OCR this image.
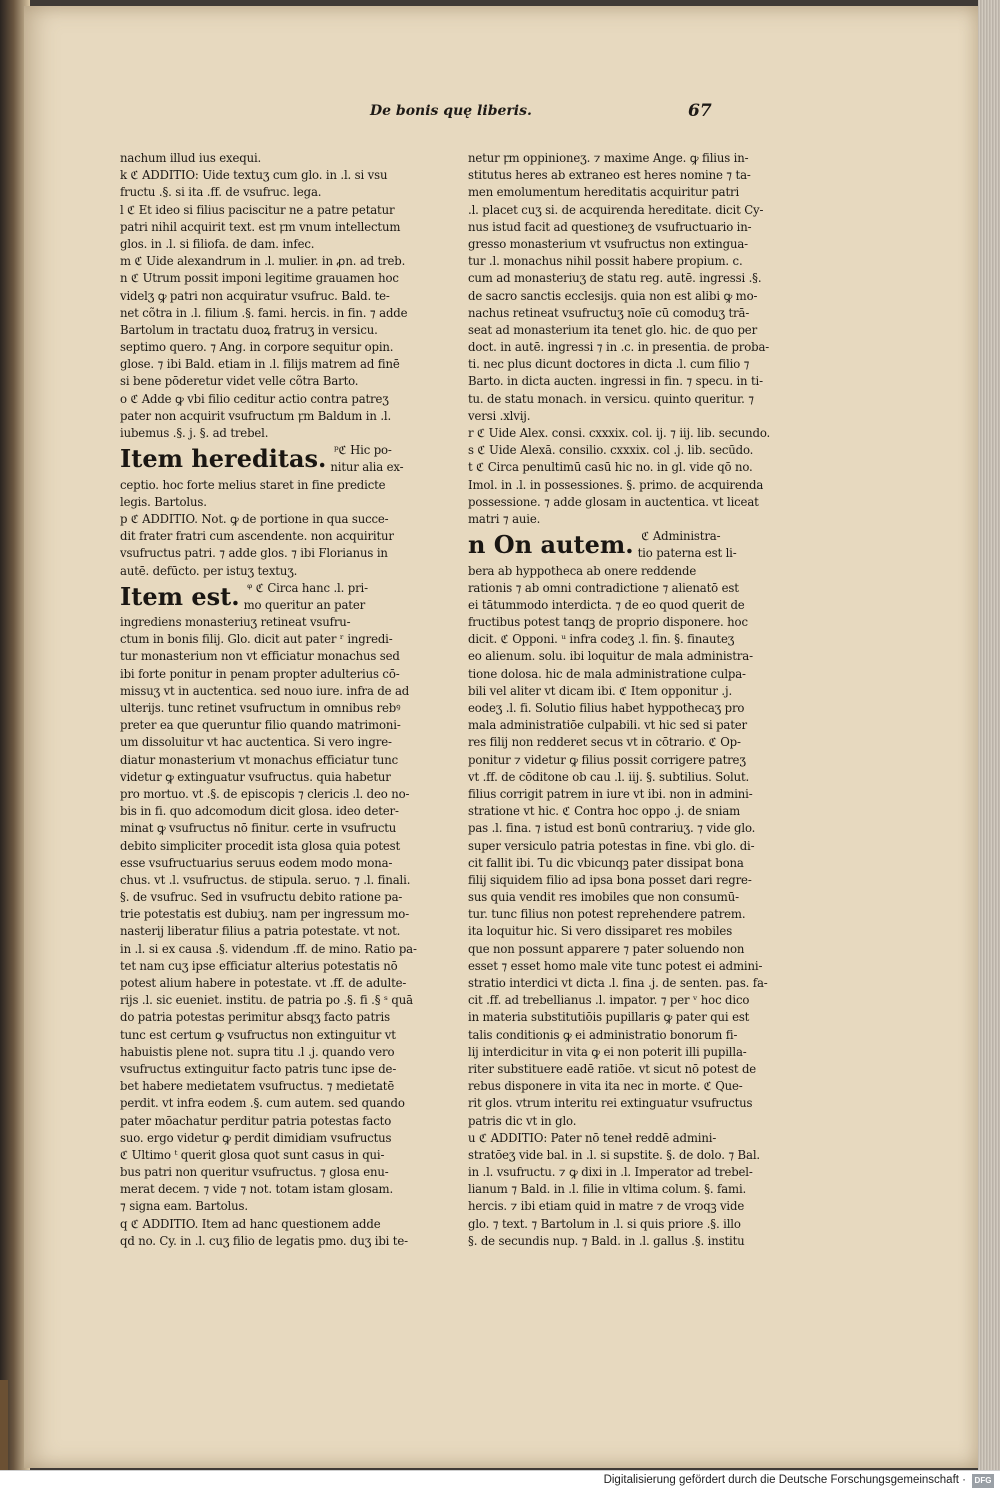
De bonis quę liberis.	67
nachum illud ius exequi.
k ℭ ADDITIO: Uide textuʒ cum glo. in .l. si vsu
fructu .§. si ita .ff. de vsufruc. lega.
l ℭ Et ideo si filius paciscitur ne a patre petatur
patri nihil acquirit text. est ꝼm vnum intellectum
glos. in .l. si filiofa. de dam. infec.
m ℭ Uide alexandrum in .l. mulier. in ꝓn. ad treb.
n ℭ Utrum possit imponi legitime grauamen hoc
videlʒ ꝙ patri non acquiratur vsufruc. Bald. te-
net cõtra in .l. filium .§. fami. hercis. in fin. ⁊ adde
Bartolum in tractatu duoꝝ fratruʒ in versicu.
septimo quero. ⁊ Ang. in corpore sequitur opin.
glose. ⁊ ibi Bald. etiam in .l. filijs matrem ad finē
si bene pōderetur videt velle cõtra Barto.
o ℭ Adde ꝙ vbi filio ceditur actio contra patreʒ
pater non acquirit vsufructum ꝼm Baldum in .l.
iubemus .§. j. §. ad trebel.
Item hereditas. ᵖℭ Hic po-
nitur alia ex-
ceptio. hoc forte melius staret in fine predicte
legis. Bartolus.
p ℭ ADDITIO. Not. ꝙ de portione in qua succe-
dit frater fratri cum ascendente. non acquiritur
vsufructus patri. ⁊ adde glos. ⁊ ibi Florianus in
autē. defūcto. per istuʒ textuʒ.
Item est. ᵠ ℭ Circa hanc .l. pri-
mo queritur an pater
ingrediens monasteriuʒ retineat vsufru-
ctum in bonis filij. Glo. dicit aut pater ʳ ingredi-
tur monasterium non vt efficiatur monachus sed
ibi forte ponitur in penam propter adulterius cō-
missuʒ vt in auctentica. sed nouo iure. infra de ad
ulterijs. tunc retinet vsufructum in omnibus rebꝰ
preter ea que queruntur filio quando matrimoni-
um dissoluitur vt hac auctentica. Si vero ingre-
diatur monasterium vt monachus efficiatur tunc
videtur ꝙ extinguatur vsufructus. quia habetur
pro mortuo. vt .§. de episcopis ⁊ clericis .l. deo no-
bis in fi. quo adcomodum dicit glosa. ideo deter-
minat ꝙ vsufructus nō finitur. certe in vsufructu
debito simpliciter procedit ista glosa quia potest
esse vsufructuarius seruus eodem modo mona-
chus. vt .l. vsufructus. de stipula. seruo. ⁊ .l. finali.
§. de vsufruc. Sed in vsufructu debito ratione pa-
trie potestatis est dubiuʒ. nam per ingressum mo-
nasterij liberatur filius a patria potestate. vt not.
in .l. si ex causa .§. videndum .ff. de mino. Ratio pa-
tet nam cuʒ ipse efficiatur alterius potestatis nō
potest alium habere in potestate. vt .ff. de adulte-
rijs .l. sic eueniet. institu. de patria po .§. fi .§ ˢ quā
do patria potestas perimitur absqʒ facto patris
tunc est certum ꝙ vsufructus non extinguitur vt
habuistis plene not. supra titu .l .j. quando vero
vsufructus extinguitur facto patris tunc ipse de-
bet habere medietatem vsufructus. ⁊ medietatē
perdit. vt infra eodem .§. cum autem. sed quando
pater mōachatur perditur patria potestas facto
suo. ergo videtur ꝙ perdit dimidiam vsufructus
ℭ Ultimo ᵗ querit glosa quot sunt casus in qui-
bus patri non queritur vsufructus. ⁊ glosa enu-
merat decem. ⁊ vide ⁊ not. totam istam glosam.
⁊ signa eam. Bartolus.
q ℭ ADDITIO. Item ad hanc questionem adde
qd no. Cy. in .l. cuʒ filio de legatis pmo. duʒ ibi te-
netur ꝼm oppinioneʒ. ⁊ maxime Ange. ꝙ filius in-
stitutus heres ab extraneo est heres nomine ⁊ ta-
men emolumentum hereditatis acquiritur patri
.l. placet cuʒ si. de acquirenda hereditate. dicit Cy-
nus istud facit ad questioneʒ de vsufructuario in-
gresso monasterium vt vsufructus non extingua-
tur .l. monachus nihil possit habere propium. c.
cum ad monasteriuʒ de statu reg. autē. ingressi .§.
de sacro sanctis ecclesijs. quia non est alibi ꝙ mo-
nachus retineat vsufructuʒ noīe cū comoduʒ trā-
seat ad monasterium ita tenet glo. hic. de quo per
doct. in autē. ingressi ⁊ in .c. in presentia. de proba-
ti. nec plus dicunt doctores in dicta .l. cum filio ⁊
Barto. in dicta aucten. ingressi in fin. ⁊ specu. in ti-
tu. de statu monach. in versicu. quinto queritur. ⁊
versi .xlvij.
r ℭ Uide Alex. consi. cxxxix. col. ij. ⁊ iij. lib. secundo.
s ℭ Uide Alexā. consilio. cxxxix. col .j. lib. secūdo.
t ℭ Circa penultimū casū hic no. in gl. vide qō no.
Imol. in .l. in possessiones. §. primo. de acquirenda
possessione. ⁊ adde glosam in auctentica. vt liceat
matri ⁊ auie.
n On autem. ℭ Administra-
tio paterna est li-
bera ab hyppotheca ab onere reddende
rationis ⁊ ab omni contradictione ⁊ alienatō est
ei tātummodo interdicta. ⁊ de eo quod querit de
fructibus potest tanqꝫ de proprio disponere. hoc
dicit. ℭ Opponi. ᵘ infra codeʒ .l. fin. §. finauteʒ
eo alienum. solu. ibi loquitur de mala administra-
tione dolosa. hic de mala administratione culpa-
bili vel aliter vt dicam ibi. ℭ Item opponitur .j.
eodeʒ .l. fi. Solutio filius habet hyppothecaʒ pro
mala administratiōe culpabili. vt hic sed si pater
res filij non redderet secus vt in cōtrario. ℭ Op-
ponitur ⁊ videtur ꝙ filius possit corrigere patreʒ
vt .ff. de cōditone ob cau .l. iij. §. subtilius. Solut.
filius corrigit patrem in iure vt ibi. non in admini-
stratione vt hic. ℭ Contra hoc oppo .j. de sniam
pas .l. fina. ⁊ istud est bonū contrariuʒ. ⁊ vide glo.
super versiculo patria potestas in fine. vbi glo. di-
cit fallit ibi. Tu dic vbicunqꝫ pater dissipat bona
filij siquidem filio ad ipsa bona posset dari regre-
sus quia vendit res imobiles que non consumū-
tur. tunc filius non potest reprehendere patrem.
ita loquitur hic. Si vero dissiparet res mobiles
que non possunt apparere ⁊ pater soluendo non
esset ⁊ esset homo male vite tunc potest ei admini-
stratio interdici vt dicta .l. fina .j. de senten. pas. fa-
cit .ff. ad trebellianus .l. impator. ⁊ per ᵛ hoc dico
in materia substitutiōis pupillaris ꝙ pater qui est
talis conditionis ꝙ ei administratio bonorum fi-
lij interdicitur in vita ꝙ ei non poterit illi pupilla-
riter substituere eadē ratiōe. vt sicut nō potest de
rebus disponere in vita ita nec in morte. ℭ Que-
rit glos. vtrum interitu rei extinguatur vsufructus
patris dic vt in glo.
u ℭ ADDITIO: Pater nō teneł reddē admini-
stratōeʒ vide bal. in .l. si supstite. §. de dolo. ⁊ Bal.
in .l. vsufructu. ⁊ ꝙ dixi in .l. Imperator ad trebel-
lianum ⁊ Bald. in .l. filie in vltima colum. §. fami.
hercis. ⁊ ibi etiam quid in matre ⁊ de vroqꝫ vide
glo. ⁊ text. ⁊ Bartolum in .l. si quis priore .§. illo
§. de secundis nup. ⁊ Bald. in .l. gallus .§. institu
Digitalisierung gefördert durch die Deutsche Forschungsgemeinschaft ·	DFG
